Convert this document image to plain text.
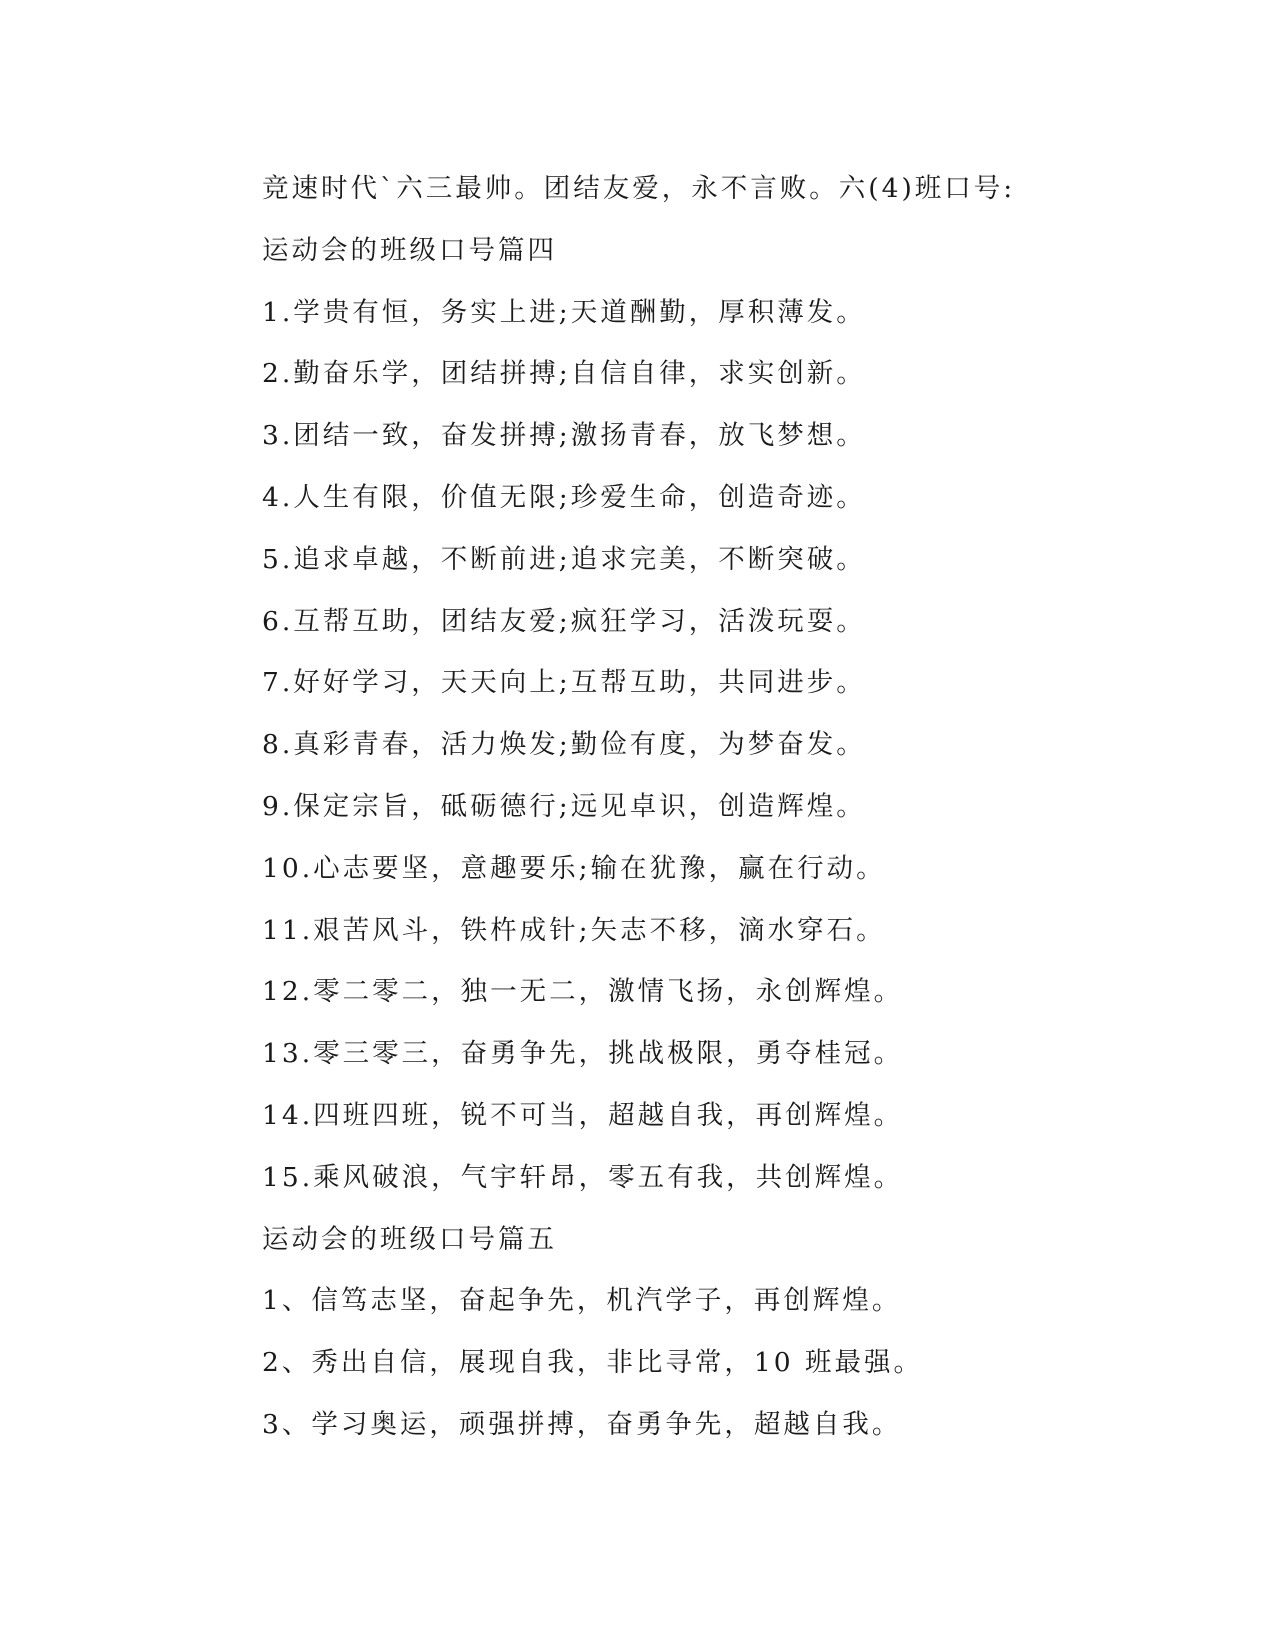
竞速时代`六三最帅。团结友爱，永不言败。六(4)班口号:
运动会的班级口号篇四
1.学贵有恒，务实上进;天道酬勤，厚积薄发。
2.勤奋乐学，团结拼搏;自信自律，求实创新。
3.团结一致，奋发拼搏;激扬青春，放飞梦想。
4.人生有限，价值无限;珍爱生命，创造奇迹。
5.追求卓越，不断前进;追求完美，不断突破。
6.互帮互助，团结友爱;疯狂学习，活泼玩耍。
7.好好学习，天天向上;互帮互助，共同进步。
8.真彩青春，活力焕发;勤俭有度，为梦奋发。
9.保定宗旨，砥砺德行;远见卓识，创造辉煌。
10.心志要坚，意趣要乐;输在犹豫，赢在行动。
11.艰苦风斗，铁杵成针;矢志不移，滴水穿石。
12.零二零二，独一无二，激情飞扬，永创辉煌。
13.零三零三，奋勇争先，挑战极限，勇夺桂冠。
14.四班四班，锐不可当，超越自我，再创辉煌。
15.乘风破浪，气宇轩昂，零五有我，共创辉煌。
运动会的班级口号篇五
1、信笃志坚，奋起争先，机汽学子，再创辉煌。
2、秀出自信，展现自我，非比寻常，10 班最强。
3、学习奥运，顽强拼搏，奋勇争先，超越自我。
